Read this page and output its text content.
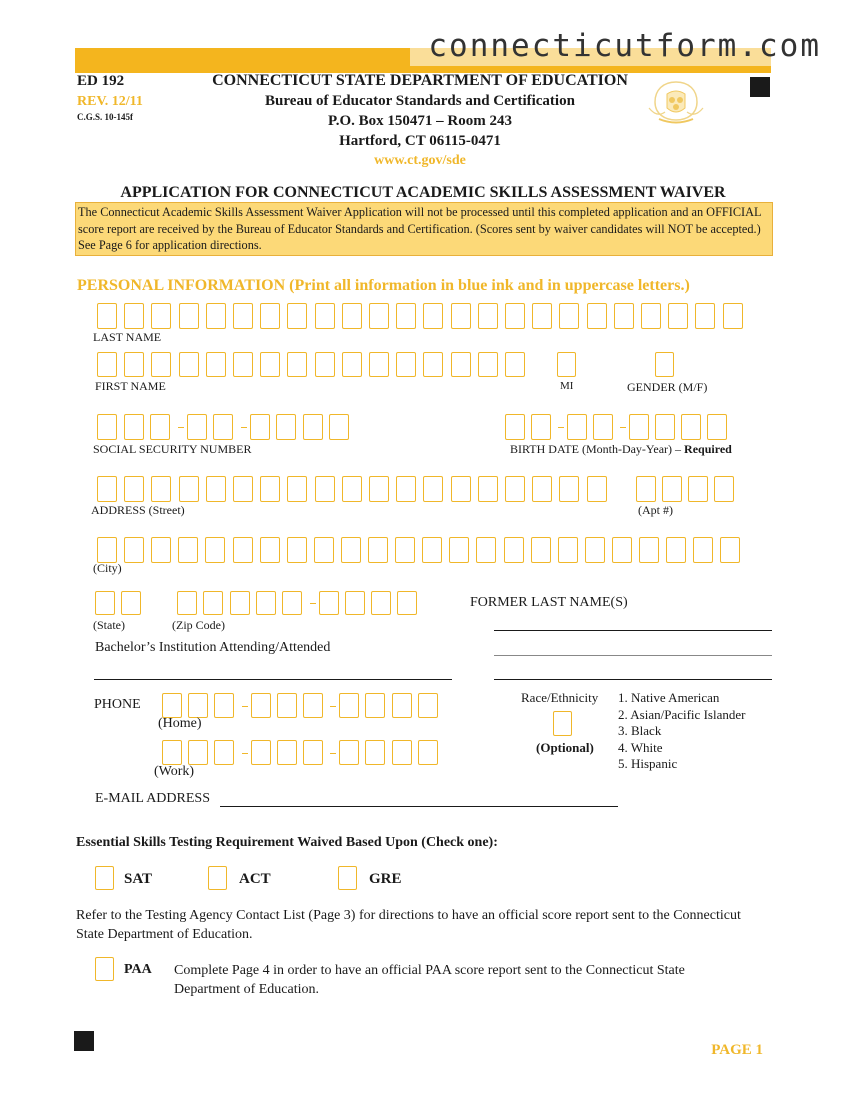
connecticutform.com
ED 192
REV. 12/11
C.G.S. 10-145f
CONNECTICUT STATE DEPARTMENT OF EDUCATION
Bureau of Educator Standards and Certification
P.O. Box 150471 – Room 243
Hartford, CT 06115-0471
www.ct.gov/sde
APPLICATION FOR CONNECTICUT ACADEMIC SKILLS ASSESSMENT WAIVER
The Connecticut Academic Skills Assessment Waiver Application will not be processed until this completed application and an OFFICIAL score report are received by the Bureau of Educator Standards and Certification. (Scores sent by waiver candidates will NOT be accepted.) See Page 6 for application directions.
PERSONAL INFORMATION (Print all information in blue ink and in uppercase letters.)
LAST NAME
FIRST NAME	MI	GENDER (M/F)
SOCIAL SECURITY NUMBER	BIRTH DATE (Month-Day-Year) – Required
ADDRESS (Street)	(Apt #)
(City)
(State)	(Zip Code)
FORMER LAST NAME(S)
Bachelor’s Institution Attending/Attended
PHONE
(Home)
(Work)
Race/Ethnicity
(Optional)
1. Native American
2. Asian/Pacific Islander
3. Black
4. White
5. Hispanic
E-MAIL ADDRESS
Essential Skills Testing Requirement Waived Based Upon (Check one):
SAT	ACT	GRE
Refer to the Testing Agency Contact List (Page 3) for directions to have an official score report sent to the Connecticut State Department of Education.
PAA Complete Page 4 in order to have an official PAA score report sent to the Connecticut State Department of Education.
PAGE 1
